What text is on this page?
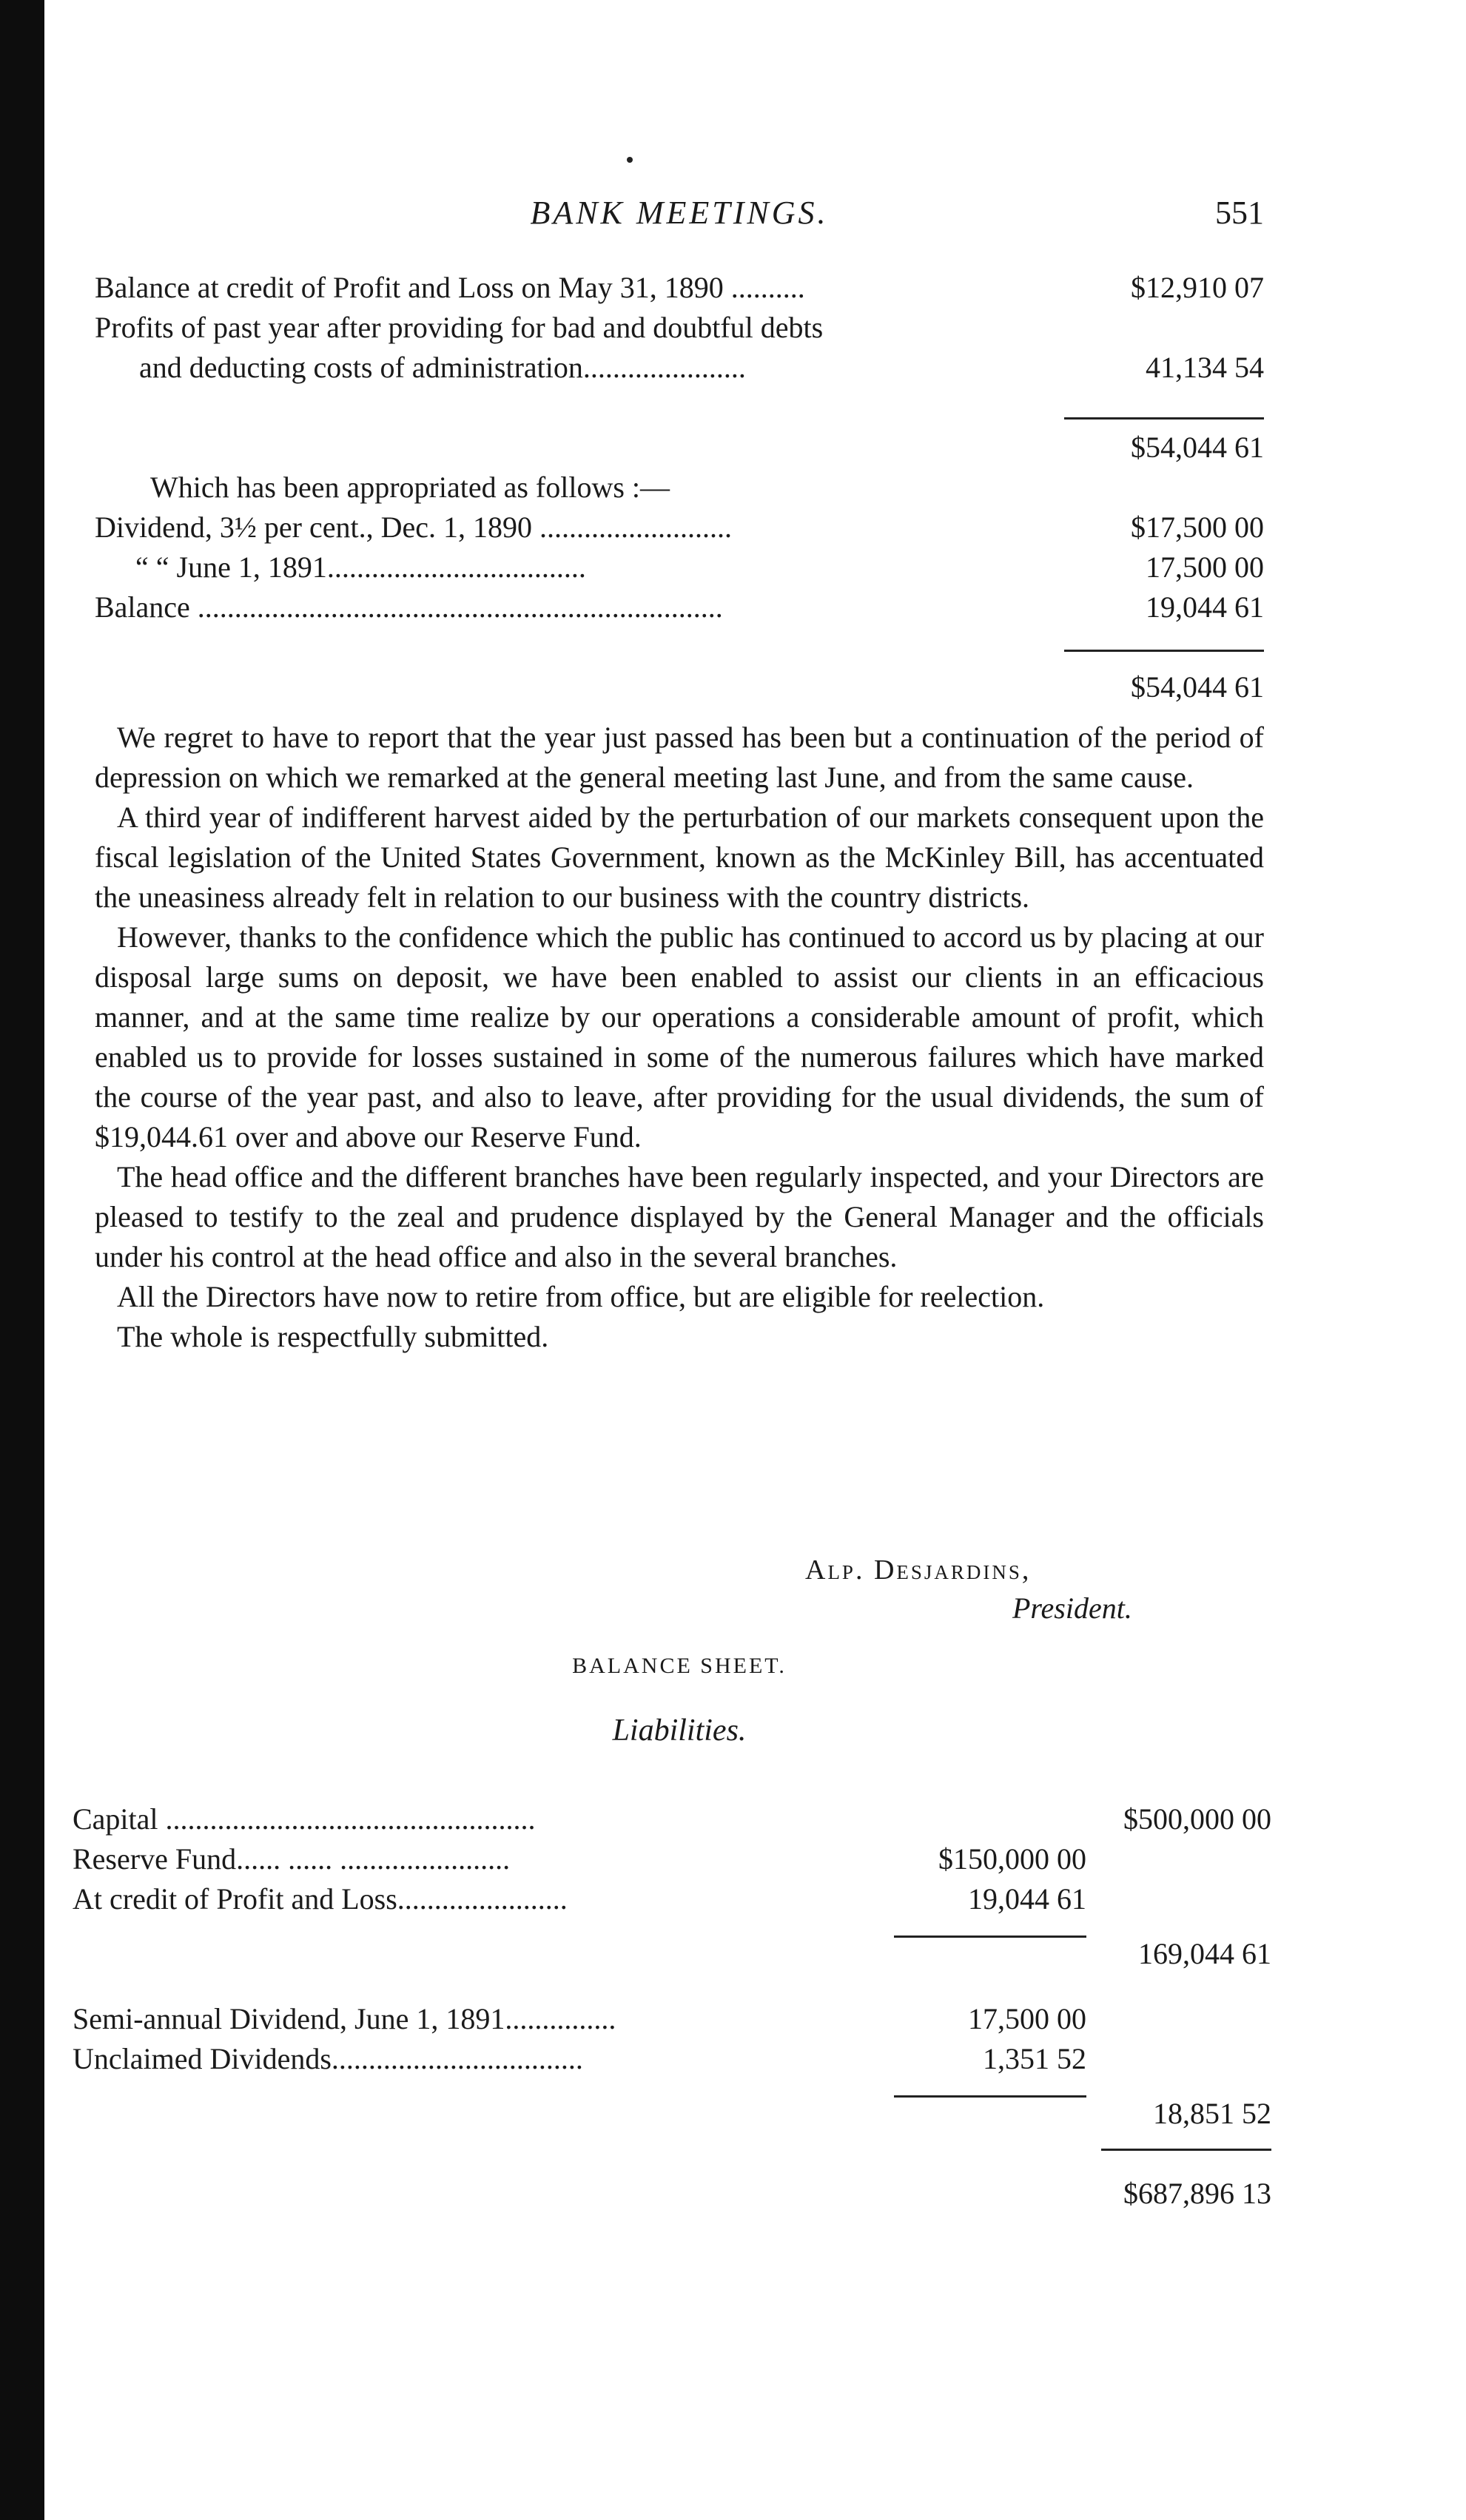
BANK MEETINGS.	551
Balance at credit of Profit and Loss on May 31, 1890 ..........	$12,910 07
Profits of past year after providing for bad and doubtful debts
and deducting costs of administration......................	41,134 54
$54,044 61
Which has been appropriated as follows :—
Dividend, 3½ per cent., Dec. 1, 1890 ..........................	$17,500 00
“ “ June 1, 1891...................................	17,500 00
Balance .......................................................................	19,044 61
$54,044 61

We regret to have to report that the year just passed has been but a continuation of the period of depression on which we remarked at the general meeting last June, and from the same cause.

A third year of indifferent harvest aided by the perturbation of our markets consequent upon the fiscal legislation of the United States Government, known as the McKinley Bill, has accentuated the uneasiness already felt in relation to our business with the country districts.

However, thanks to the confidence which the public has continued to accord us by placing at our disposal large sums on deposit, we have been enabled to assist our clients in an efficacious manner, and at the same time realize by our operations a considerable amount of profit, which enabled us to provide for losses sustained in some of the numerous failures which have marked the course of the year past, and also to leave, after providing for the usual dividends, the sum of $19,044.61 over and above our Reserve Fund.

The head office and the different branches have been regularly inspected, and your Directors are pleased to testify to the zeal and prudence displayed by the General Manager and the officials under his control at the head office and also in the several branches.

All the Directors have now to retire from office, but are eligible for reelection.

The whole is respectfully submitted.

Alp. Desjardins,
President.
BALANCE SHEET.
Liabilities.
Capital ..................................................	$500,000 00
Reserve Fund...... ...... .......................	$150,000 00
At credit of Profit and Loss.......................	19,044 61
169,044 61
Semi-annual Dividend, June 1, 1891...............	17,500 00
Unclaimed Dividends..................................	1,351 52
18,851 52
$687,896 13
